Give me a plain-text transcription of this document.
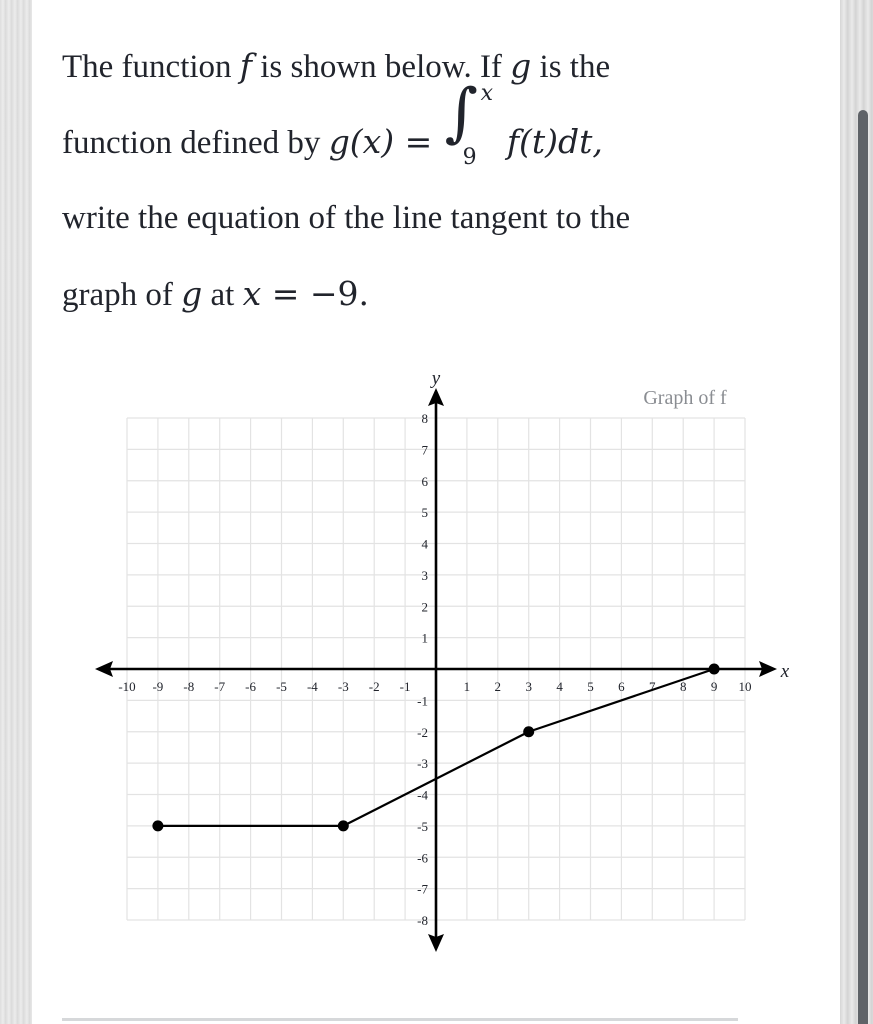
The function f is shown below. If g is the
function defined by g(x) = ∫ x
9 f(t)dt,
write the equation of the line tangent to the
graph of g at x = −9.
-10 -9 -8 -7 -6 -5 -4 -3 -2 -1	1 2 3 4 5 6 7 8 9 10
-8
-7
-6
-5
-4
-3
-2
-1
1
2
3
4
5
6
7
8
Graph of f
x
y
